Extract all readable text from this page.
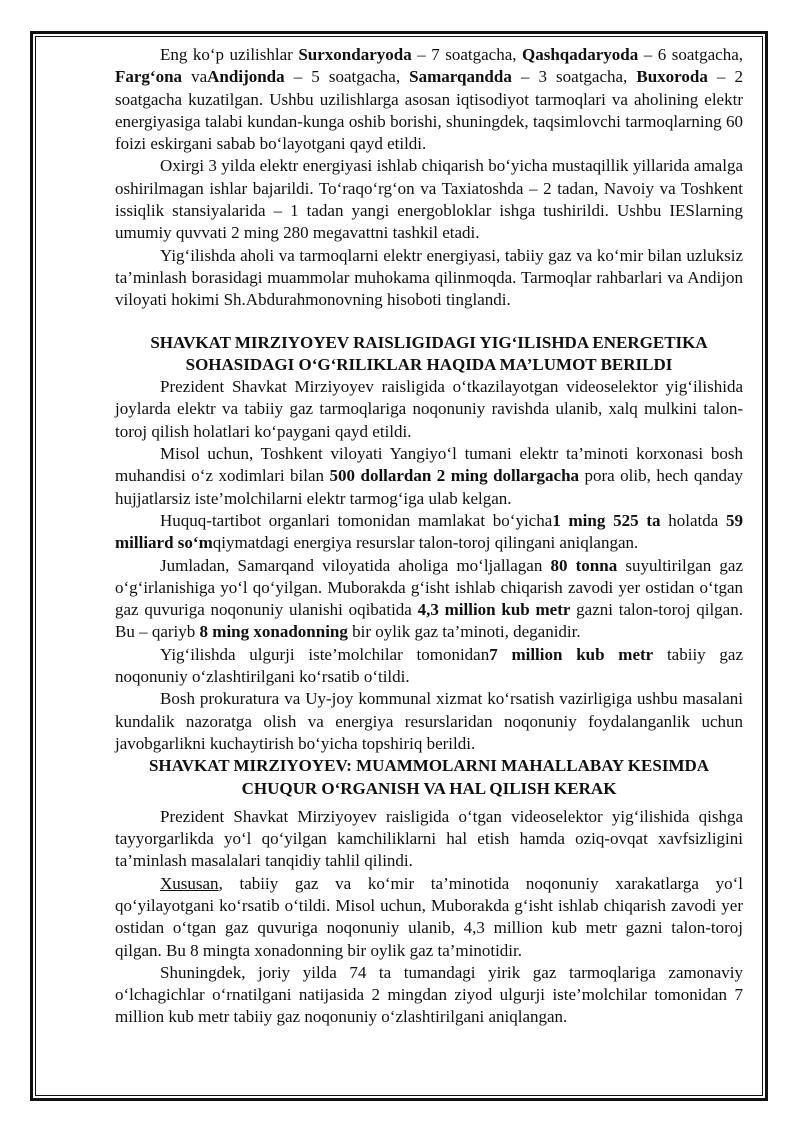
Eng ko‘p uzilishlar Surxondaryoda – 7 soatgacha, Qashqadaryoda – 6 soatgacha, Farg‘ona vaAndijonda – 5 soatgacha, Samarqandda – 3 soatgacha, Buxoroda – 2 soatgacha kuzatilgan. Ushbu uzilishlarga asosan iqtisodiyot tarmoqlari va aholining elektr energiyasiga talabi kundan-kunga oshib borishi, shuningdek, taqsimlovchi tarmoqlarning 60 foizi eskirgani sabab bo‘layotgani qayd etildi.

Oxirgi 3 yilda elektr energiyasi ishlab chiqarish bo‘yicha mustaqillik yillarida amalga oshirilmagan ishlar bajarildi. To‘raqo‘rg‘on va Taxiatoshda – 2 tadan, Navoiy va Toshkent issiqlik stansiyalarida – 1 tadan yangi energobloklar ishga tushirildi. Ushbu IESlarning umumiy quvvati 2 ming 280 megavattni tashkil etadi.

Yig‘ilishda aholi va tarmoqlarni elektr energiyasi, tabiiy gaz va ko‘mir bilan uzluksiz ta’minlash borasidagi muammolar muhokama qilinmoqda. Tarmoqlar rahbarlari va Andijon viloyati hokimi Sh.Abdurahmonovning hisoboti tinglandi.

SHAVKAT MIRZIYOYEV RAISLIGIDAGI YIG‘ILISHDA ENERGETIKA
SOHASIDAGI O‘G‘RILIKLAR HAQIDA MA’LUMOT BERILDI

Prezident Shavkat Mirziyoyev raisligida o‘tkazilayotgan videoselektor yig‘ilishida joylarda elektr va tabiiy gaz tarmoqlariga noqonuniy ravishda ulanib, xalq mulkini talon-toroj qilish holatlari ko‘paygani qayd etildi.

Misol uchun, Toshkent viloyati Yangiyo‘l tumani elektr ta’minoti korxonasi bosh muhandisi o‘z xodimlari bilan 500 dollardan 2 ming dollargacha pora olib, hech qanday hujjatlarsiz iste’molchilarni elektr tarmog‘iga ulab kelgan.

Huquq-tartibot organlari tomonidan mamlakat bo‘yicha1 ming 525 ta holatda 59 milliard so‘mqiymatdagi energiya resurslar talon-toroj qilingani aniqlangan.

Jumladan, Samarqand viloyatida aholiga mo‘ljallagan 80 tonna suyultirilgan gaz o‘g‘irlanishiga yo‘l qo‘yilgan. Muborakda g‘isht ishlab chiqarish zavodi yer ostidan o‘tgan gaz quvuriga noqonuniy ulanishi oqibatida 4,3 million kub metr gazni talon-toroj qilgan. Bu – qariyb 8 ming xonadonning bir oylik gaz ta’minoti, deganidir.

Yig‘ilishda ulgurji iste’molchilar tomonidan7 million kub metr tabiiy gaz noqonuniy o‘zlashtirilgani ko‘rsatib o‘tildi.

Bosh prokuratura va Uy-joy kommunal xizmat ko‘rsatish vazirligiga ushbu masalani kundalik nazoratga olish va energiya resurslaridan noqonuniy foydalanganlik uchun javobgarlikni kuchaytirish bo‘yicha topshiriq berildi.

SHAVKAT MIRZIYOYEV: MUAMMOLARNI MAHALLABAY KESIMDA
CHUQUR O‘RGANISH VA HAL QILISH KERAK

Prezident Shavkat Mirziyoyev raisligida o‘tgan videoselektor yig‘ilishida qishga tayyorgarlikda yo‘l qo‘yilgan kamchiliklarni hal etish hamda oziq-ovqat xavfsizligini ta’minlash masalalari tanqidiy tahlil qilindi.

Xususan, tabiiy gaz va ko‘mir ta’minotida noqonuniy xarakatlarga yo‘l qo‘yilayotgani ko‘rsatib o‘tildi. Misol uchun, Muborakda g‘isht ishlab chiqarish zavodi yer ostidan o‘tgan gaz quvuriga noqonuniy ulanib, 4,3 million kub metr gazni talon-toroj qilgan. Bu 8 mingta xonadonning bir oylik gaz ta’minotidir.

Shuningdek, joriy yilda 74 ta tumandagi yirik gaz tarmoqlariga zamonaviy o‘lchagichlar o‘rnatilgani natijasida 2 mingdan ziyod ulgurji iste’molchilar tomonidan 7 million kub metr tabiiy gaz noqonuniy o‘zlashtirilgani aniqlangan.
